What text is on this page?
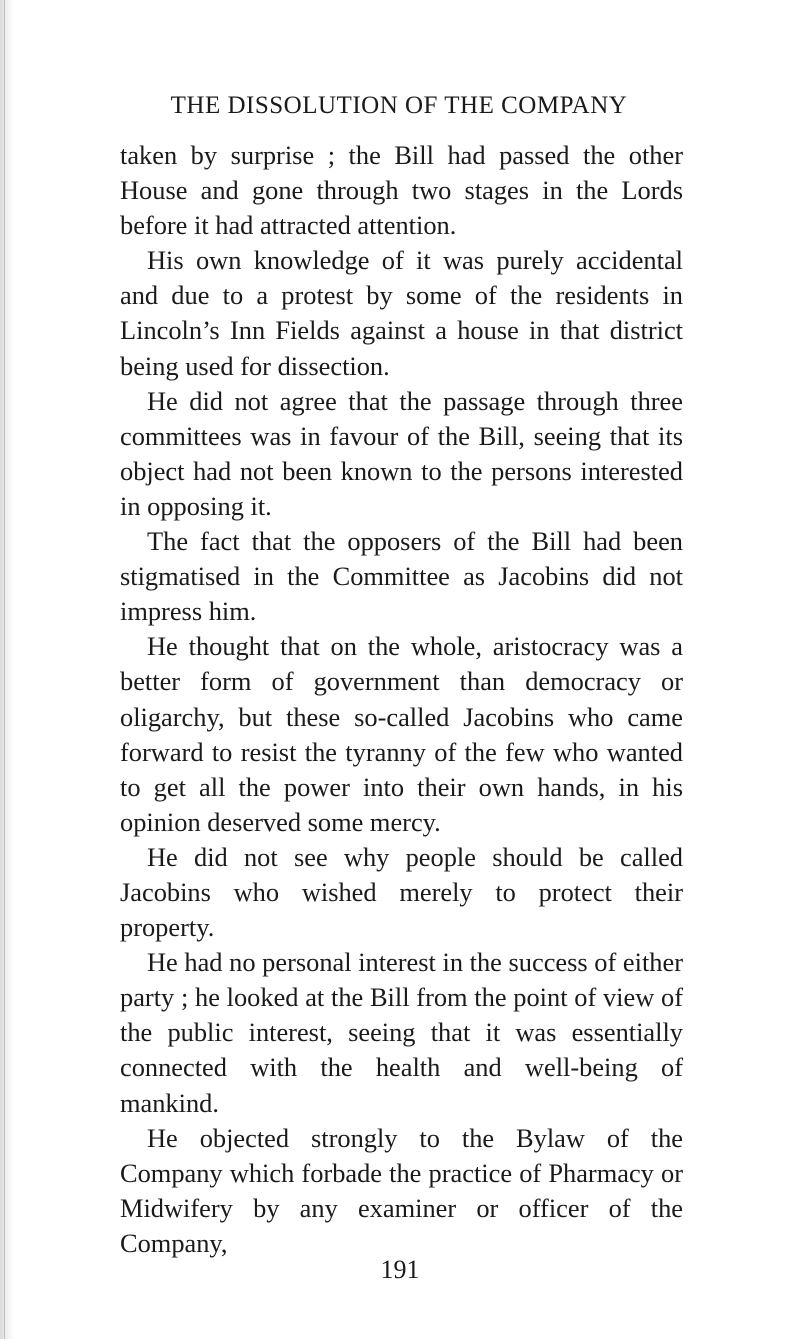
THE DISSOLUTION OF THE COMPANY

taken by surprise ; the Bill had passed the other House and gone through two stages in the Lords before it had attracted attention.

His own knowledge of it was purely accidental and due to a protest by some of the residents in Lincoln’s Inn Fields against a house in that district being used for dissection.

He did not agree that the passage through three committees was in favour of the Bill, seeing that its object had not been known to the persons interested in opposing it.

The fact that the opposers of the Bill had been stigmatised in the Committee as Jacobins did not impress him.

He thought that on the whole, aristocracy was a better form of government than democracy or oligarchy, but these so-called Jacobins who came forward to resist the tyranny of the few who wanted to get all the power into their own hands, in his opinion deserved some mercy.

He did not see why people should be called Jacobins who wished merely to protect their property.

He had no personal interest in the success of either party ; he looked at the Bill from the point of view of the public interest, seeing that it was essentially connected with the health and well-being of mankind.

He objected strongly to the Bylaw of the Company which forbade the practice of Pharmacy or Midwifery by any examiner or officer of the Company,

191
